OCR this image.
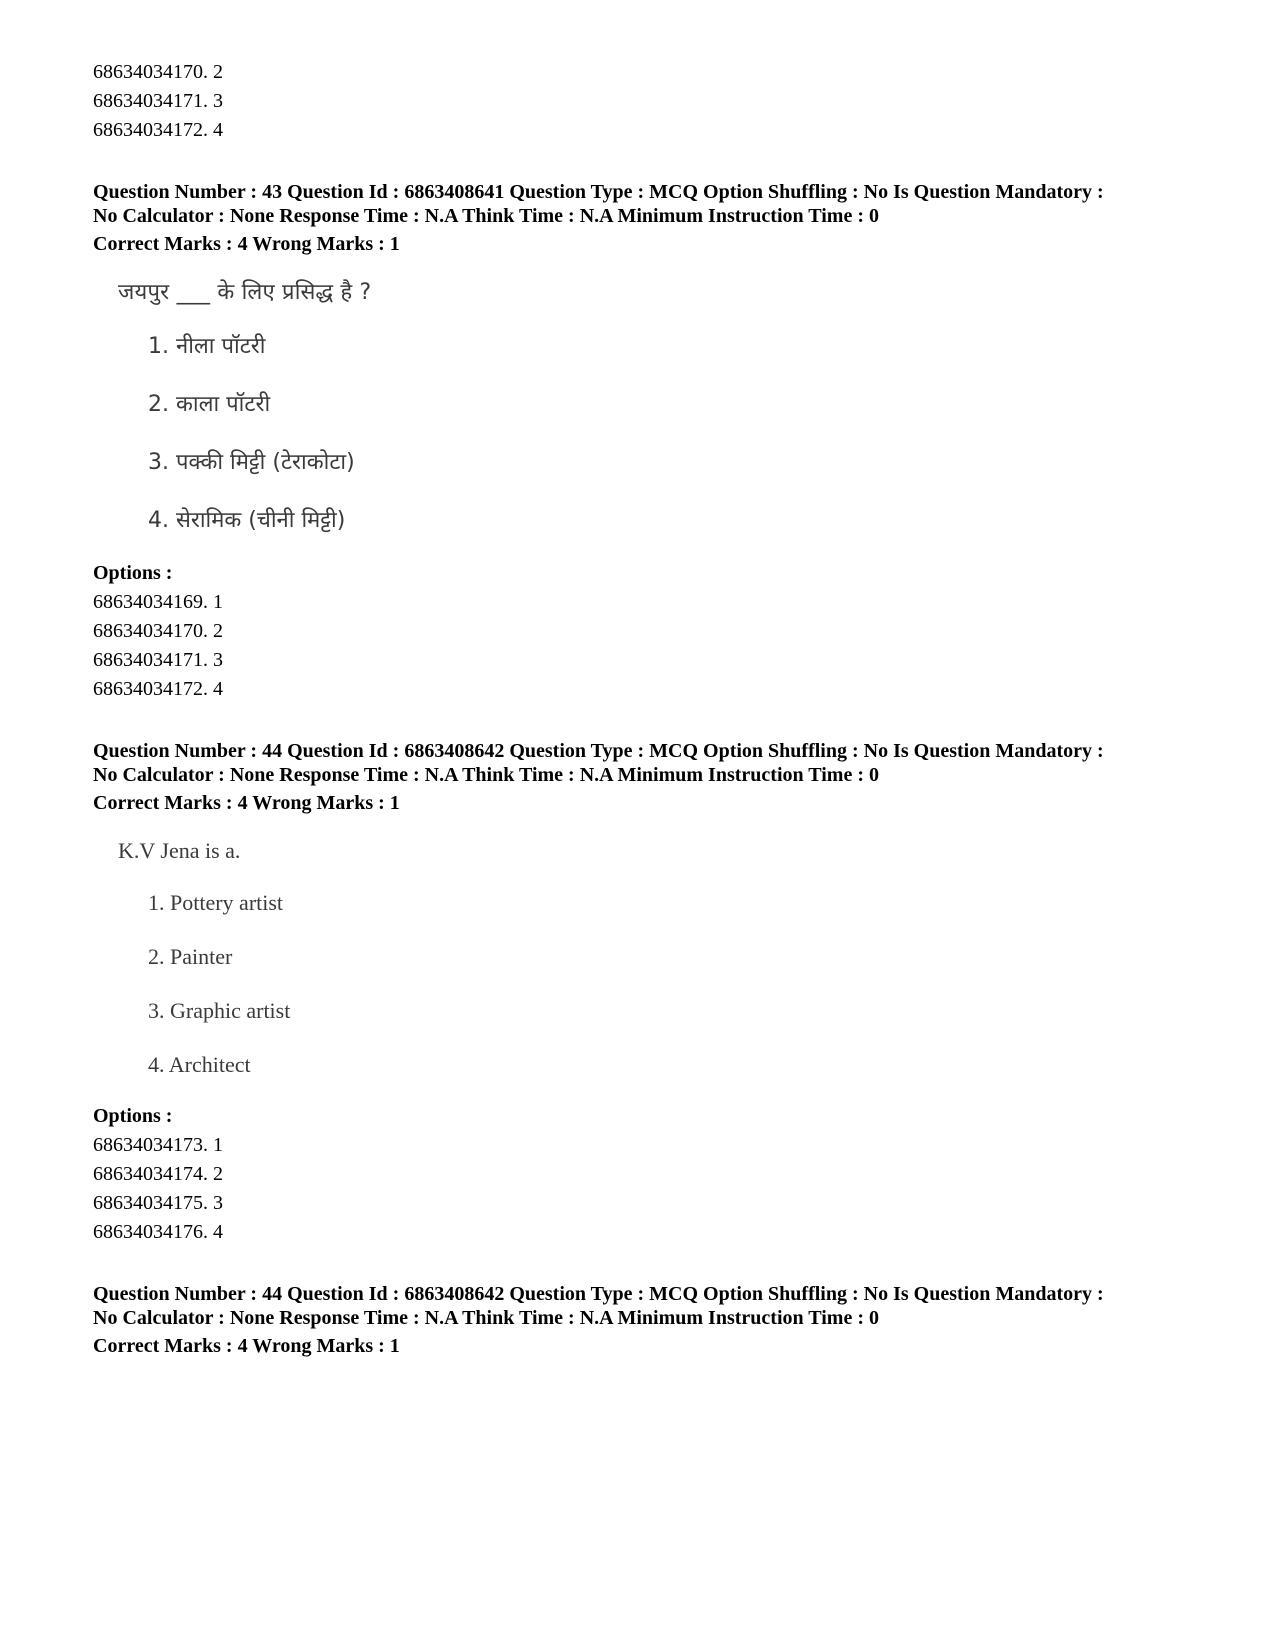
68634034170. 2
68634034171. 3
68634034172. 4
Question Number : 43 Question Id : 6863408641 Question Type : MCQ Option Shuffling : No Is Question Mandatory :
No Calculator : None Response Time : N.A Think Time : N.A Minimum Instruction Time : 0
Correct Marks : 4 Wrong Marks : 1
जयपुर ___ के लिए प्रसिद्ध है ?
1. नीला पॉटरी
2. काला पॉटरी
3. पक्की मिट्टी (टेराकोटा)
4. सेरामिक (चीनी मिट्टी)
Options :
68634034169. 1
68634034170. 2
68634034171. 3
68634034172. 4
Question Number : 44 Question Id : 6863408642 Question Type : MCQ Option Shuffling : No Is Question Mandatory :
No Calculator : None Response Time : N.A Think Time : N.A Minimum Instruction Time : 0
Correct Marks : 4 Wrong Marks : 1
K.V Jena is a.
1. Pottery artist
2. Painter
3. Graphic artist
4. Architect
Options :
68634034173. 1
68634034174. 2
68634034175. 3
68634034176. 4
Question Number : 44 Question Id : 6863408642 Question Type : MCQ Option Shuffling : No Is Question Mandatory :
No Calculator : None Response Time : N.A Think Time : N.A Minimum Instruction Time : 0
Correct Marks : 4 Wrong Marks : 1
